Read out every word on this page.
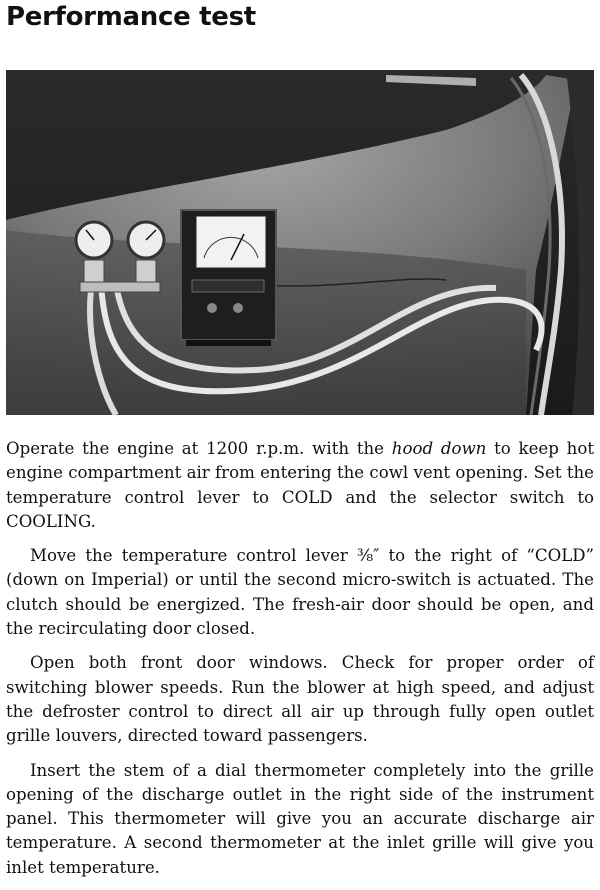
Performance test

Operate the engine at 1200 r.p.m. with the hood down to keep hot engine compartment air from entering the cowl vent opening. Set the temperature control lever to COLD and the selector switch to COOLING.

Move the temperature control lever ⅜″ to the right of “COLD” (down on Imperial) or until the second micro-switch is actuated. The clutch should be energized. The fresh-air door should be open, and the recirculating door closed.

Open both front door windows. Check for proper order of switching blower speeds. Run the blower at high speed, and adjust the defroster control to direct all air up through fully open outlet grille louvers, directed toward passengers.

Insert the stem of a dial thermometer completely into the grille opening of the discharge outlet in the right side of the instrument panel. This thermometer will give you an accurate discharge air temperature. A second thermometer at the inlet grille will give you inlet temperature.
